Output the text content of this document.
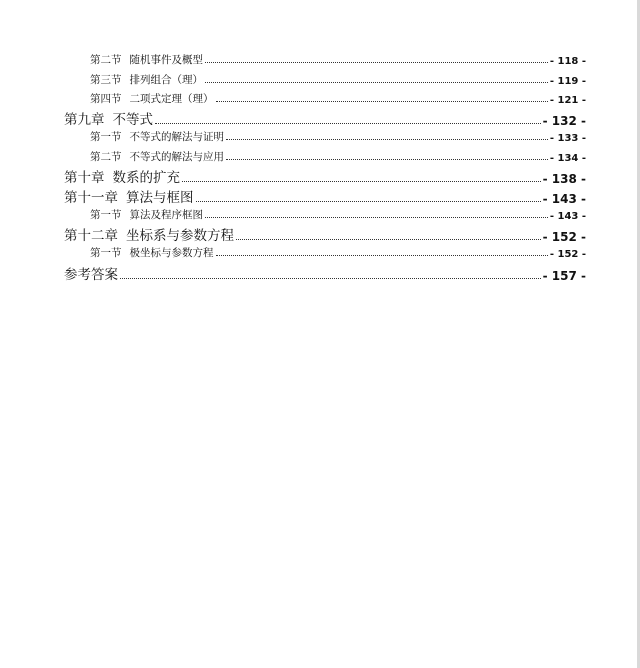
第二节 随机事件及概型	- 118 -
第三节 排列组合（理）	- 119 -
第四节 二项式定理（理）	- 121 -
第九章 不等式	- 132 -
第一节 不等式的解法与证明	- 133 -
第二节 不等式的解法与应用	- 134 -
第十章 数系的扩充	- 138 -
第十一章 算法与框图	- 143 -
第一节 算法及程序框图	- 143 -
第十二章 坐标系与参数方程	- 152 -
第一节 极坐标与参数方程	- 152 -
参考答案	- 157 -
